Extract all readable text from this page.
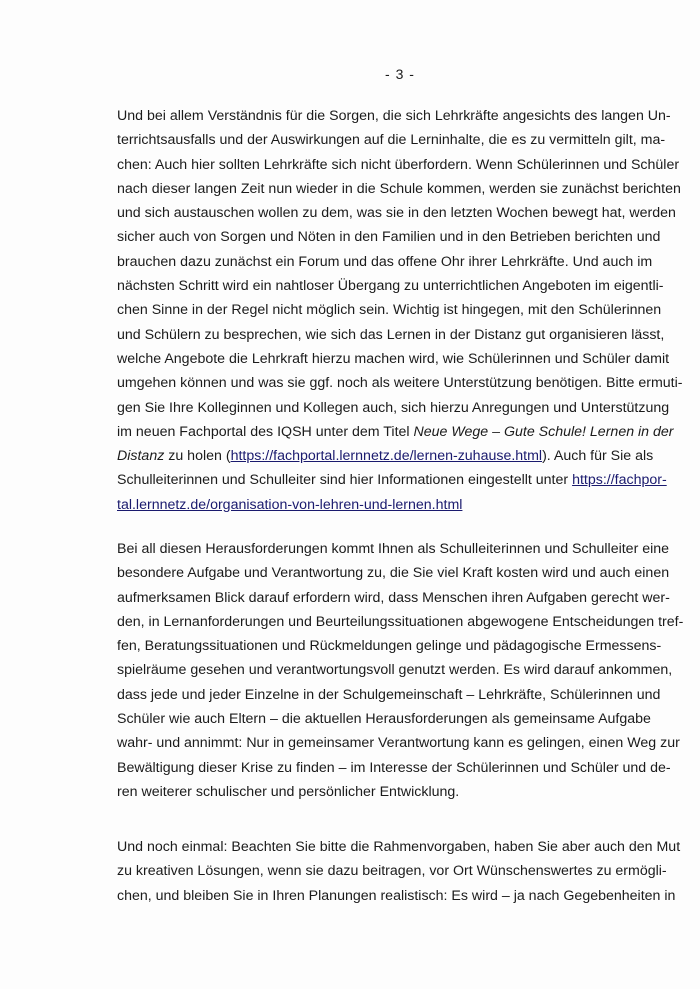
- 3 -
Und bei allem Verständnis für die Sorgen, die sich Lehrkräfte angesichts des langen Un-
terrichtsausfalls und der Auswirkungen auf die Lerninhalte, die es zu vermitteln gilt, ma-
chen: Auch hier sollten Lehrkräfte sich nicht überfordern. Wenn Schülerinnen und Schüler
nach dieser langen Zeit nun wieder in die Schule kommen, werden sie zunächst berichten
und sich austauschen wollen zu dem, was sie in den letzten Wochen bewegt hat, werden
sicher auch von Sorgen und Nöten in den Familien und in den Betrieben berichten und
brauchen dazu zunächst ein Forum und das offene Ohr ihrer Lehrkräfte. Und auch im
nächsten Schritt wird ein nahtloser Übergang zu unterrichtlichen Angeboten im eigentli-
chen Sinne in der Regel nicht möglich sein. Wichtig ist hingegen, mit den Schülerinnen
und Schülern zu besprechen, wie sich das Lernen in der Distanz gut organisieren lässt,
welche Angebote die Lehrkraft hierzu machen wird, wie Schülerinnen und Schüler damit
umgehen können und was sie ggf. noch als weitere Unterstützung benötigen. Bitte ermuti-
gen Sie Ihre Kolleginnen und Kollegen auch, sich hierzu Anregungen und Unterstützung
im neuen Fachportal des IQSH unter dem Titel Neue Wege – Gute Schule! Lernen in der
Distanz zu holen (https://fachportal.lernnetz.de/lernen-zuhause.html). Auch für Sie als
Schulleiterinnen und Schulleiter sind hier Informationen eingestellt unter https://fachpor-
tal.lernnetz.de/organisation-von-lehren-und-lernen.html
Bei all diesen Herausforderungen kommt Ihnen als Schulleiterinnen und Schulleiter eine
besondere Aufgabe und Verantwortung zu, die Sie viel Kraft kosten wird und auch einen
aufmerksamen Blick darauf erfordern wird, dass Menschen ihren Aufgaben gerecht wer-
den, in Lernanforderungen und Beurteilungssituationen abgewogene Entscheidungen tref-
fen, Beratungssituationen und Rückmeldungen gelinge und pädagogische Ermessens-
spielräume gesehen und verantwortungsvoll genutzt werden. Es wird darauf ankommen,
dass jede und jeder Einzelne in der Schulgemeinschaft – Lehrkräfte, Schülerinnen und
Schüler wie auch Eltern – die aktuellen Herausforderungen als gemeinsame Aufgabe
wahr- und annimmt: Nur in gemeinsamer Verantwortung kann es gelingen, einen Weg zur
Bewältigung dieser Krise zu finden – im Interesse der Schülerinnen und Schüler und de-
ren weiterer schulischer und persönlicher Entwicklung.
Und noch einmal: Beachten Sie bitte die Rahmenvorgaben, haben Sie aber auch den Mut
zu kreativen Lösungen, wenn sie dazu beitragen, vor Ort Wünschenswertes zu ermögli-
chen, und bleiben Sie in Ihren Planungen realistisch: Es wird – ja nach Gegebenheiten in
